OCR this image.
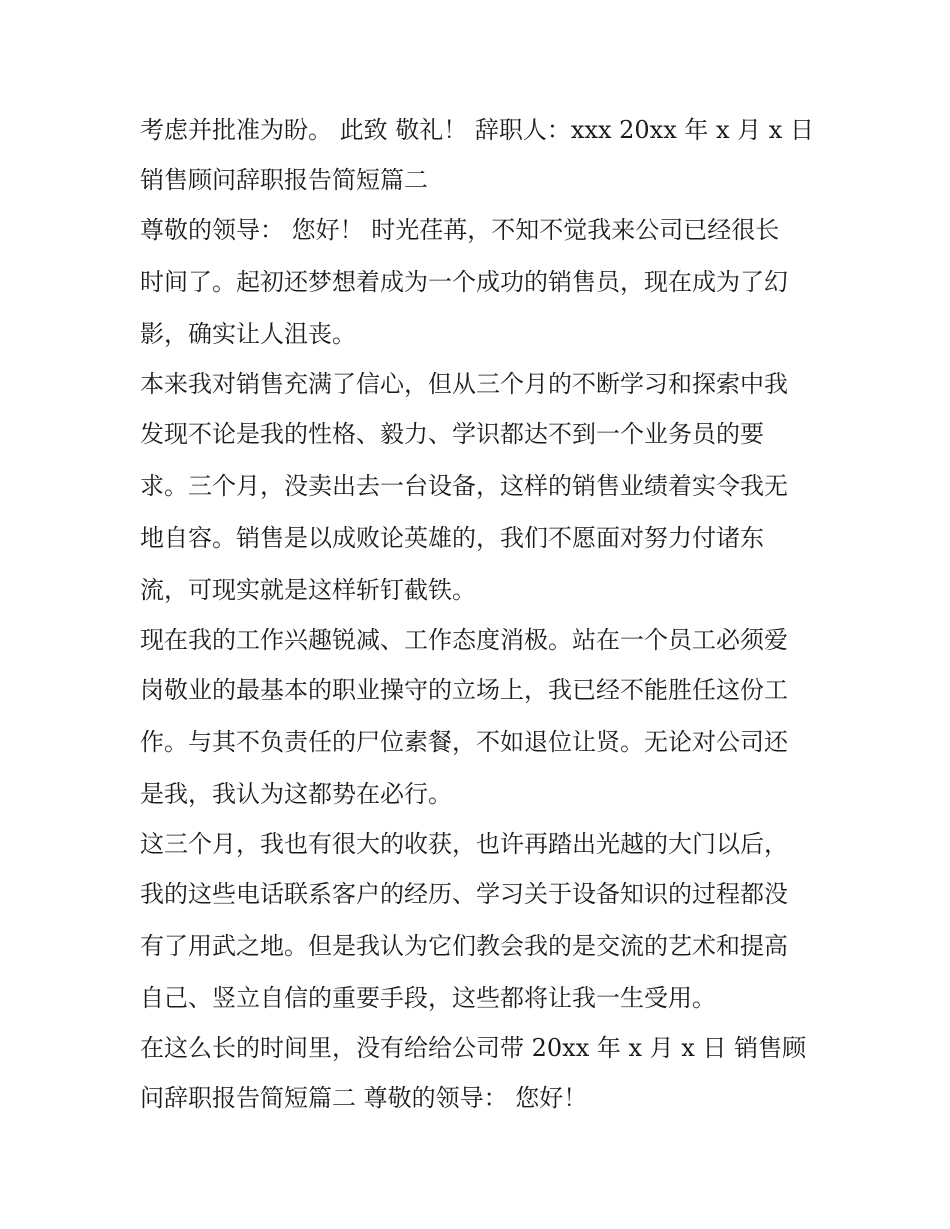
考虑并批准为盼。 此致 敬礼！ 辞职人：xxx 20xx 年 x 月 x 日
销售顾问辞职报告简短篇二
尊敬的领导： 您好！ 时光荏苒，不知不觉我来公司已经很长
时间了。起初还梦想着成为一个成功的销售员，现在成为了幻
影，确实让人沮丧。
本来我对销售充满了信心，但从三个月的不断学习和探索中我
发现不论是我的性格、毅力、学识都达不到一个业务员的要
求。三个月，没卖出去一台设备，这样的销售业绩着实令我无
地自容。销售是以成败论英雄的，我们不愿面对努力付诸东
流，可现实就是这样斩钉截铁。
现在我的工作兴趣锐减、工作态度消极。站在一个员工必须爱
岗敬业的最基本的职业操守的立场上，我已经不能胜任这份工
作。与其不负责任的尸位素餐，不如退位让贤。无论对公司还
是我，我认为这都势在必行。
这三个月，我也有很大的收获，也许再踏出光越的大门以后，
我的这些电话联系客户的经历、学习关于设备知识的过程都没
有了用武之地。但是我认为它们教会我的是交流的艺术和提高
自己、竖立自信的重要手段，这些都将让我一生受用。
在这么长的时间里，没有给给公司带 20xx 年 x 月 x 日 销售顾
问辞职报告简短篇二 尊敬的领导： 您好！
